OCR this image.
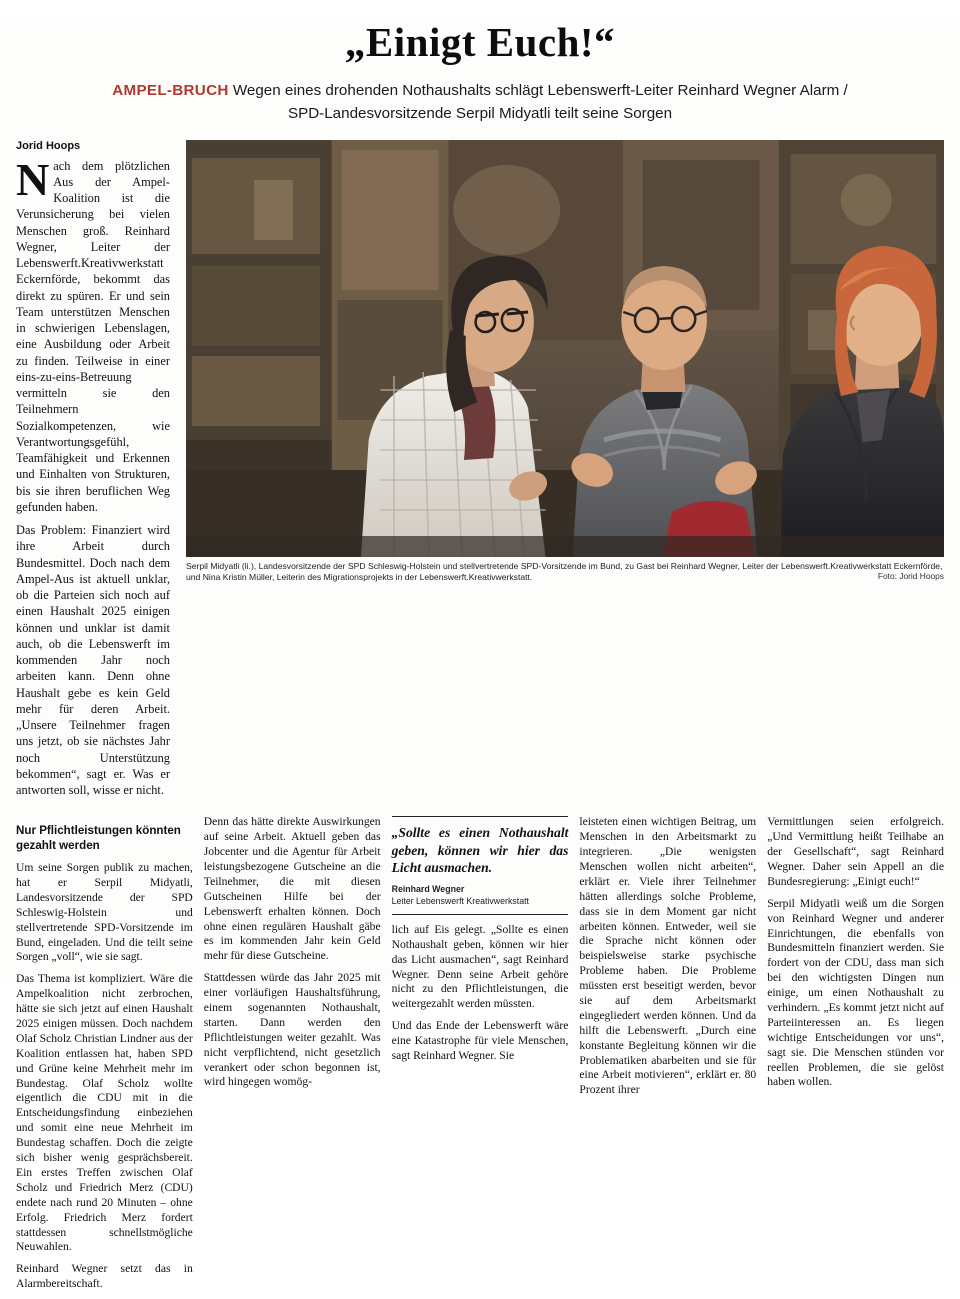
„Einigt Euch!“
AMPEL-BRUCH Wegen eines drohenden Nothaushalts schlägt Lebenswerft-Leiter Reinhard Wegner Alarm / SPD-Landesvorsitzende Serpil Midyatli teilt seine Sorgen
Jorid Hoops

Nach dem plötzlichen Aus der Ampel-Koalition ist die Verunsicherung bei vielen Menschen groß. Reinhard Wegner, Leiter der Lebenswerft.Kreativwerkstatt Eckernförde, bekommt das direkt zu spüren. Er und sein Team unterstützen Menschen in schwierigen Lebenslagen, eine Ausbildung oder Arbeit zu finden. Teilweise in einer eins-zu-eins-Betreuung vermitteln sie den Teilnehmern Sozialkompetenzen, wie Verantwortungsgefühl, Teamfähigkeit und Erkennen und Einhalten von Strukturen, bis sie ihren beruflichen Weg gefunden haben.

Das Problem: Finanziert wird ihre Arbeit durch Bundesmittel. Doch nach dem Ampel-Aus ist aktuell unklar, ob die Parteien sich noch auf einen Haushalt 2025 einigen können und unklar ist damit auch, ob die Lebenswerft im kommenden Jahr noch arbeiten kann. Denn ohne Haushalt gebe es kein Geld mehr für deren Arbeit. „Unsere Teilnehmer fragen uns jetzt, ob sie nächstes Jahr noch Unterstützung bekommen“, sagt er. Was er antworten soll, wisse er nicht.

Serpil Midyatli (li.), Landesvorsitzende der SPD Schleswig-Holstein und stellvertretende SPD-Vorsitzende im Bund, zu Gast bei Reinhard Wegner, Leiter der Lebenswerft.Kreativwerkstatt Eckernförde, und Nina Kristin Müller, Leiterin des Migrationsprojekts in der Lebenswerft.Kreativwerkstatt.	Foto: Jorid Hoops

Nur Pflichtleistungen könnten gezahlt werden

Um seine Sorgen publik zu machen, hat er Serpil Midyatli, Landesvorsitzende der SPD Schleswig-Holstein und stellvertretende SPD-Vorsitzende im Bund, eingeladen. Und die teilt seine Sorgen „voll“, wie sie sagt.

Das Thema ist kompliziert. Wäre die Ampelkoalition nicht zerbrochen, hätte sie sich jetzt auf einen Haushalt 2025 einigen müssen. Doch nachdem Olaf Scholz Christian Lindner aus der Koalition entlassen hat, haben SPD und Grüne keine Mehrheit mehr im Bundestag. Olaf Scholz wollte eigentlich die CDU mit in die Entscheidungsfindung einbeziehen und somit eine neue Mehrheit im Bundestag schaffen. Doch die zeigte sich bisher wenig gesprächsbereit. Ein erstes Treffen zwischen Olaf Scholz und Friedrich Merz (CDU) endete nach rund 20 Minuten – ohne Erfolg. Friedrich Merz fordert stattdessen schnellstmögliche Neuwahlen.

Reinhard Wegner setzt das in Alarmbereitschaft.

Denn das hätte direkte Auswirkungen auf seine Arbeit. Aktuell geben das Jobcenter und die Agentur für Arbeit leistungsbezogene Gutscheine an die Teilnehmer, die mit diesen Gutscheinen Hilfe bei der Lebenswerft erhalten können. Doch ohne einen regulären Haushalt gäbe es im kommenden Jahr kein Geld mehr für diese Gutscheine.

Stattdessen würde das Jahr 2025 mit einer vorläufigen Haushaltsführung, einem sogenannten Nothaushalt, starten. Dann werden den Pflichtleistungen weiter gezahlt. Was nicht verpflichtend, nicht gesetzlich verankert oder schon begonnen ist, wird hingegen womög-

„Sollte es einen Nothaushalt geben, können wir hier das Licht ausmachen.

Reinhard Wegner
Leiter Lebenswerft Kreativwerkstatt

lich auf Eis gelegt. „Sollte es einen Nothaushalt geben, können wir hier das Licht ausmachen“, sagt Reinhard Wegner. Denn seine Arbeit gehöre nicht zu den Pflichtleistungen, die weitergezahlt werden müssten.

Und das Ende der Lebenswerft wäre eine Katastrophe für viele Menschen, sagt Reinhard Wegner. Sie

leisteten einen wichtigen Beitrag, um Menschen in den Arbeitsmarkt zu integrieren. „Die wenigsten Menschen wollen nicht arbeiten“, erklärt er. Viele ihrer Teilnehmer hätten allerdings solche Probleme, dass sie in dem Moment gar nicht arbeiten können. Entweder, weil sie die Sprache nicht können oder beispielsweise starke psychische Probleme haben. Die Probleme müssten erst beseitigt werden, bevor sie auf dem Arbeitsmarkt eingegliedert werden können. Und da hilft die Lebenswerft. „Durch eine konstante Begleitung können wir die Problematiken abarbeiten und sie für eine Arbeit motivieren“, erklärt er. 80 Prozent ihrer

Vermittlungen seien erfolgreich. „Und Vermittlung heißt Teilhabe an der Gesellschaft“, sagt Reinhard Wegner. Daher sein Appell an die Bundesregierung: „Einigt euch!“

Serpil Midyatli weiß um die Sorgen von Reinhard Wegner und anderer Einrichtungen, die ebenfalls von Bundesmitteln finanziert werden. Sie fordert von der CDU, dass man sich bei den wichtigsten Dingen nun einige, um einen Nothaushalt zu verhindern. „Es kommt jetzt nicht auf Parteiinteressen an. Es liegen wichtige Entscheidungen vor uns“, sagt sie. Die Menschen stünden vor reellen Problemen, die sie gelöst haben wollen.
